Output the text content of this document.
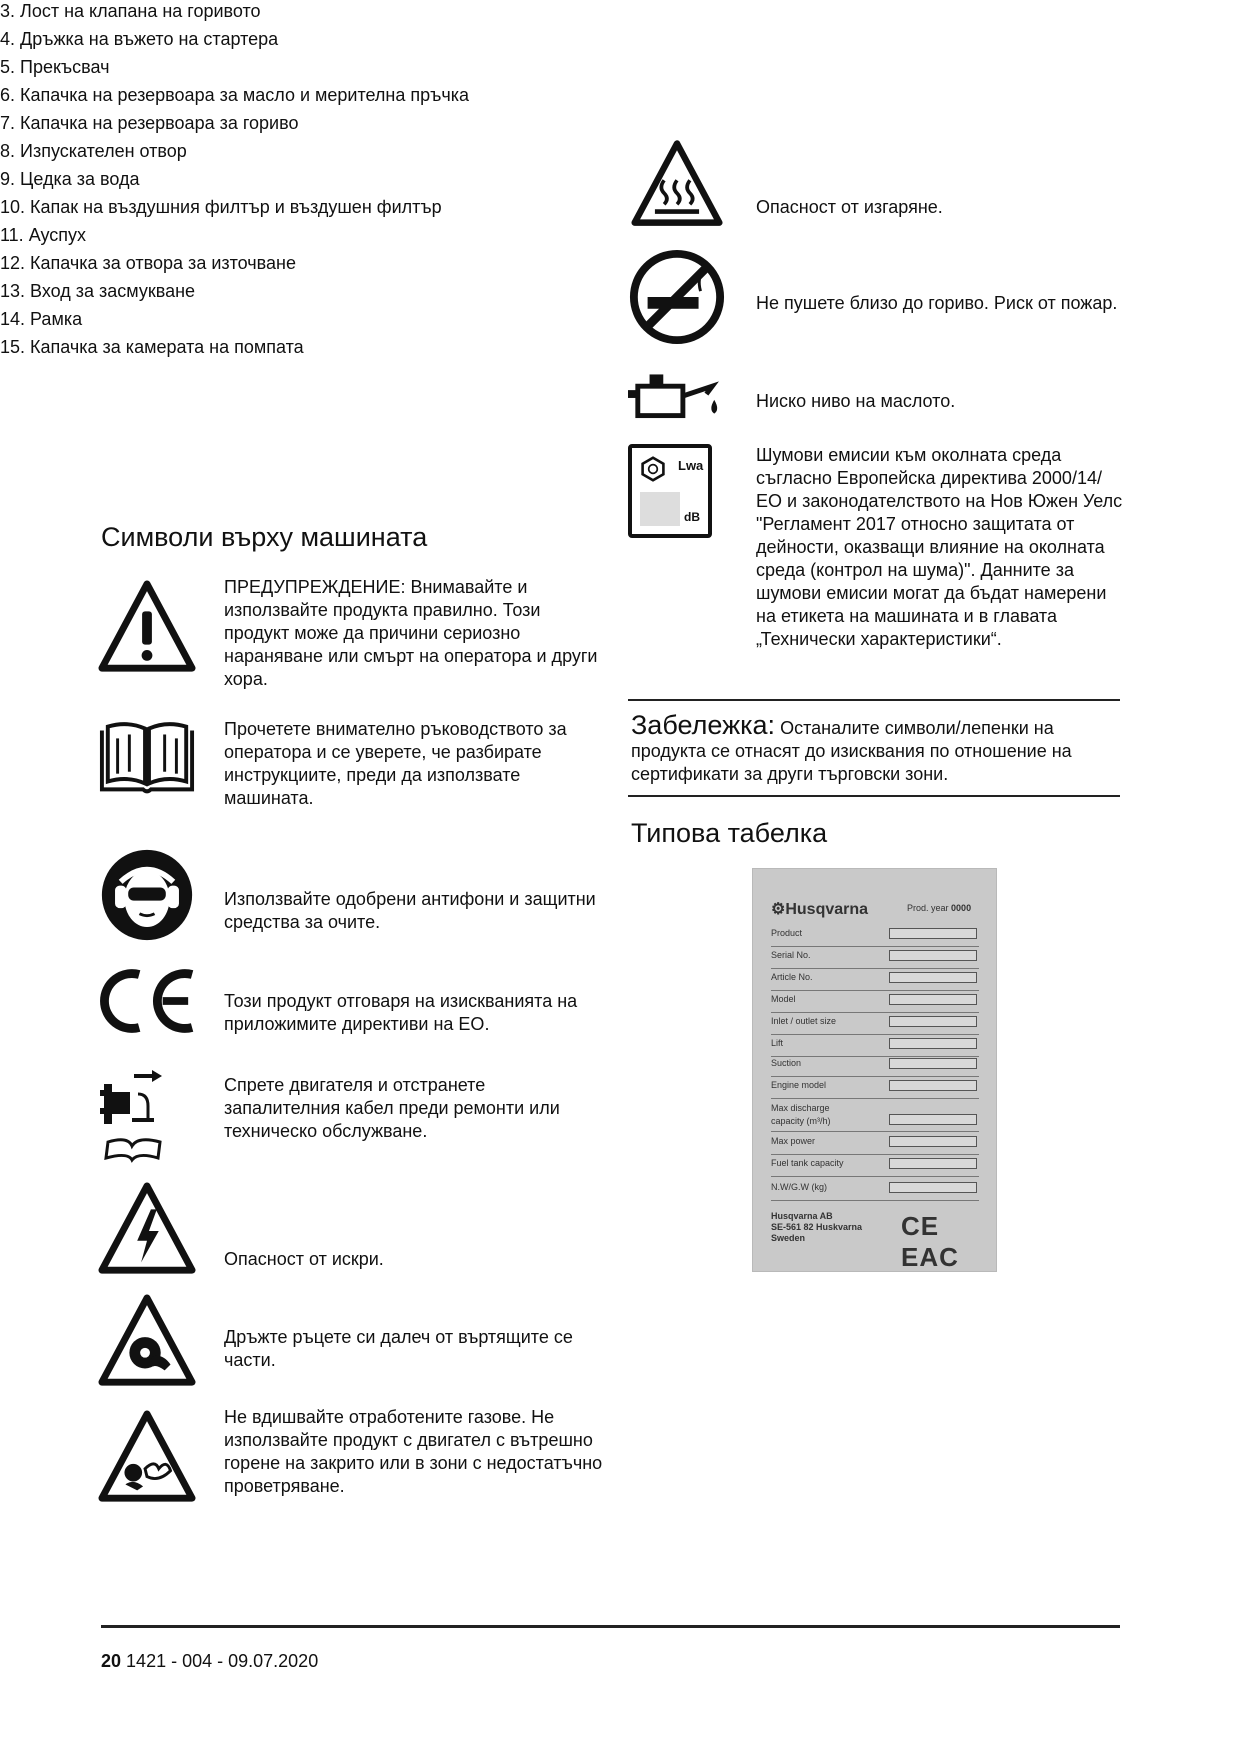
3. Лост на клапана на горивото
4. Дръжка на въжето на стартера
5. Прекъсвач
6. Капачка на резервоара за масло и мерителна пръчка
7. Капачка на резервоара за гориво
8. Изпускателен отвор
9. Цедка за вода
10. Капак на въздушния филтър и въздушен филтър
11. Ауспух
12. Капачка за отвора за източване
13. Вход за засмукване
14. Рамка
15. Капачка за камерата на помпата
Символи върху машината
ПРЕДУПРЕЖДЕНИЕ: Внимавайте и използвайте продукта правилно. Този продукт може да причини сериозно нараняване или смърт на оператора и други хора.
Прочетете внимателно ръководството за оператора и се уверете, че разбирате инструкциите, преди да използвате машината.
Използвайте одобрени антифони и защитни средства за очите.
Този продукт отговаря на изискванията на приложимите директиви на ЕО.
Спрете двигателя и отстранете запалителния кабел преди ремонти или техническо обслужване.
Опасност от искри.
Дръжте ръцете си далеч от въртящите се части.
Не вдишвайте отработените газове. Не използвайте продукт с двигател с вътрешно горене на закрито или в зони с недостатъчно проветряване.
Опасност от изгаряне.
Не пушете близо до гориво. Риск от пожар.
Ниско ниво на маслото.
Lwa
dB
Шумови емисии към околната среда съгласно Европейска директива 2000/14/ЕО и законодателството на Нов Южен Уелс "Регламент 2017 относно защитата от дейности, оказващи влияние на околната среда (контрол на шума)". Данните за шумови емисии могат да бъдат намерени на етикета на машината и в главата „Технически характеристики“.
Забележка: Останалите символи/лепенки на продукта се отнасят до изисквания по отношение на сертификати за други търговски зони.
Типова табелка
⚙Husqvarna	Prod. year 0000
Product
Serial No.
Article No.
Model
Inlet / outlet size
Lift
Suction
Engine model
Max discharge capacity (m³/h)
Max power
Fuel tank capacity
N.W/G.W (kg)
Husqvarna AB
SE-561 82 Huskvarna
Sweden	CE EAC
20 1421 - 004 - 09.07.2020
